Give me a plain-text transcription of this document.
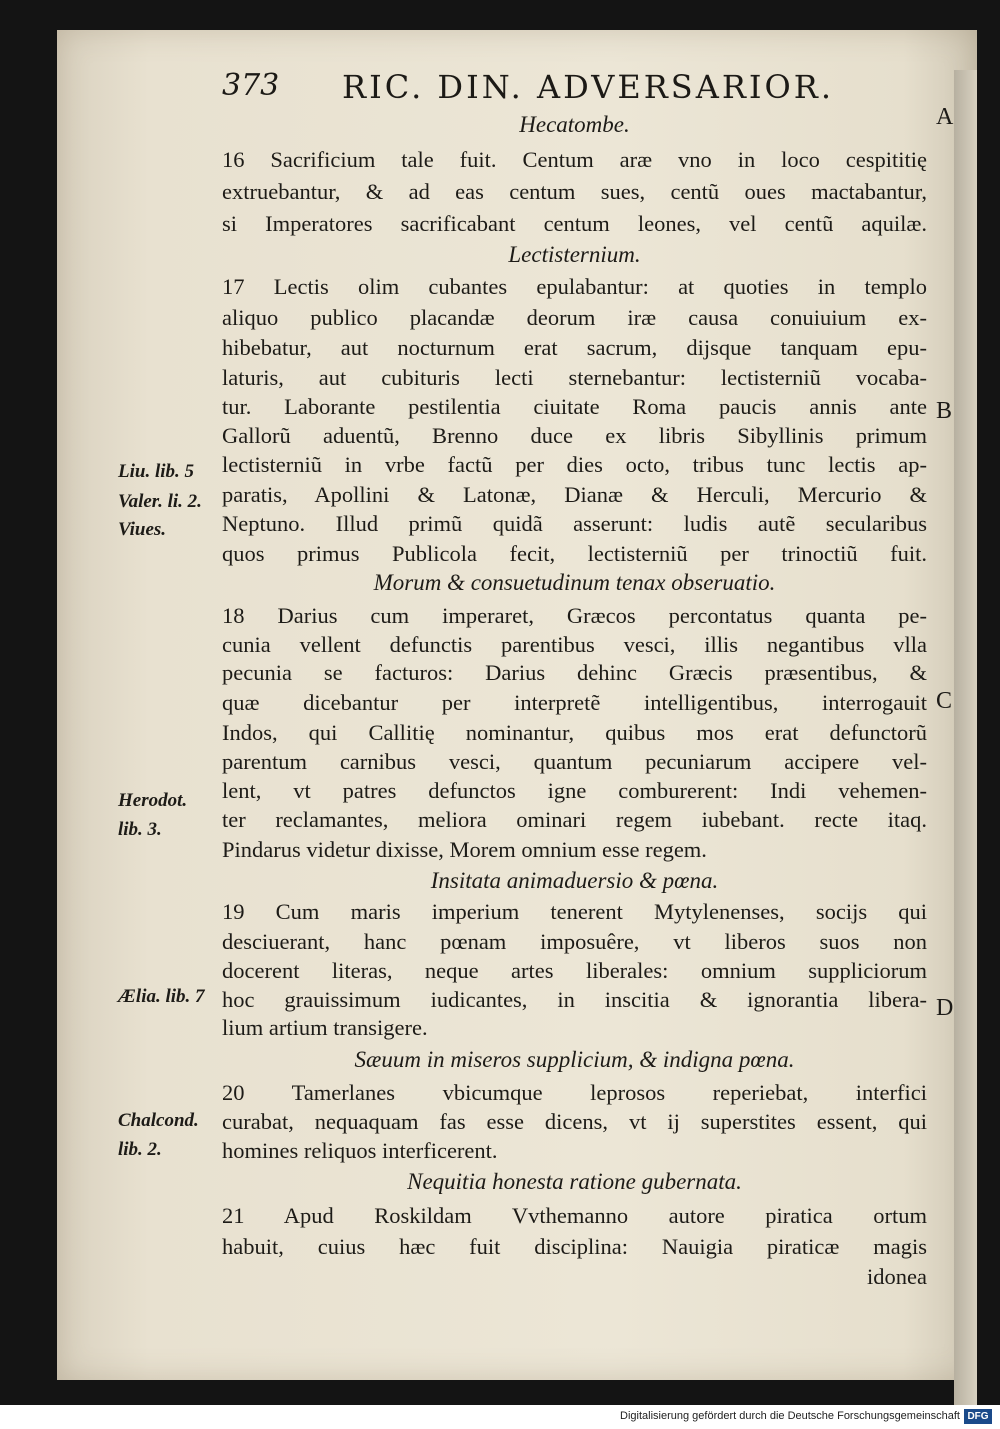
373 RIC. DIN. ADVERSARIOR.

Hecatombe.

16 Sacrificium tale fuit. Centum aræ vno in loco cespititię

extruebantur, & ad eas centum sues, centũ oues mactabantur,

si Imperatores sacrificabant centum leones, vel centũ aquilæ.

Lectisternium.

17 Lectis olim cubantes epulabantur: at quoties in templo

aliquo publico placandæ deorum iræ causa conuiuium ex-

hibebatur, aut nocturnum erat sacrum, dijsque tanquam epu-

laturis, aut cubituris lecti sternebantur: lectisterniũ vocaba-

tur. Laborante pestilentia ciuitate Roma paucis annis ante

Gallorũ aduentũ, Brenno duce ex libris Sibyllinis primum

lectisterniũ in vrbe factũ per dies octo, tribus tunc lectis ap-

paratis, Apollini & Latonæ, Dianæ & Herculi, Mercurio &

Neptuno. Illud primũ quidã asserunt: ludis autẽ secularibus

quos primus Publicola fecit, lectisterniũ per trinoctiũ fuit.

Morum & consuetudinum tenax obseruatio.

18 Darius cum imperaret, Græcos percontatus quanta pe-

cunia vellent defunctis parentibus vesci, illis negantibus vlla

pecunia se facturos: Darius dehinc Græcis præsentibus, &

quæ dicebantur per interpretẽ intelligentibus, interrogauit

Indos, qui Callitię nominantur, quibus mos erat defunctorũ

parentum carnibus vesci, quantum pecuniarum accipere vel-

lent, vt patres defunctos igne comburerent: Indi vehemen-

ter reclamantes, meliora ominari regem iubebant. recte itaq.

Pindarus videtur dixisse, Morem omnium esse regem.

Insitata animaduersio & pœna.

19 Cum maris imperium tenerent Mytylenenses, socijs qui

desciuerant, hanc pœnam imposuêre, vt liberos suos non

docerent literas, neque artes liberales: omnium suppliciorum

hoc grauissimum iudicantes, in inscitia & ignorantia libera-

lium artium transigere.

Sæuum in miseros supplicium, & indigna pœna.

20 Tamerlanes vbicumque leprosos reperiebat, interfici

curabat, nequaquam fas esse dicens, vt ij superstites essent, qui

homines reliquos interficerent.

Nequitia honesta ratione gubernata.

21 Apud Roskildam Vvthemanno autore piratica ortum

habuit, cuius hæc fuit disciplina: Nauigia piraticæ magis

idonea

Liu. lib. 5

Valer. li. 2.

Viues.

Herodot.

lib. 3.

Ælia. lib. 7

Chalcond.

lib. 2.

A

B

C

D

Digitalisierung gefördert durch die Deutsche Forschungsgemeinschaft DFG
